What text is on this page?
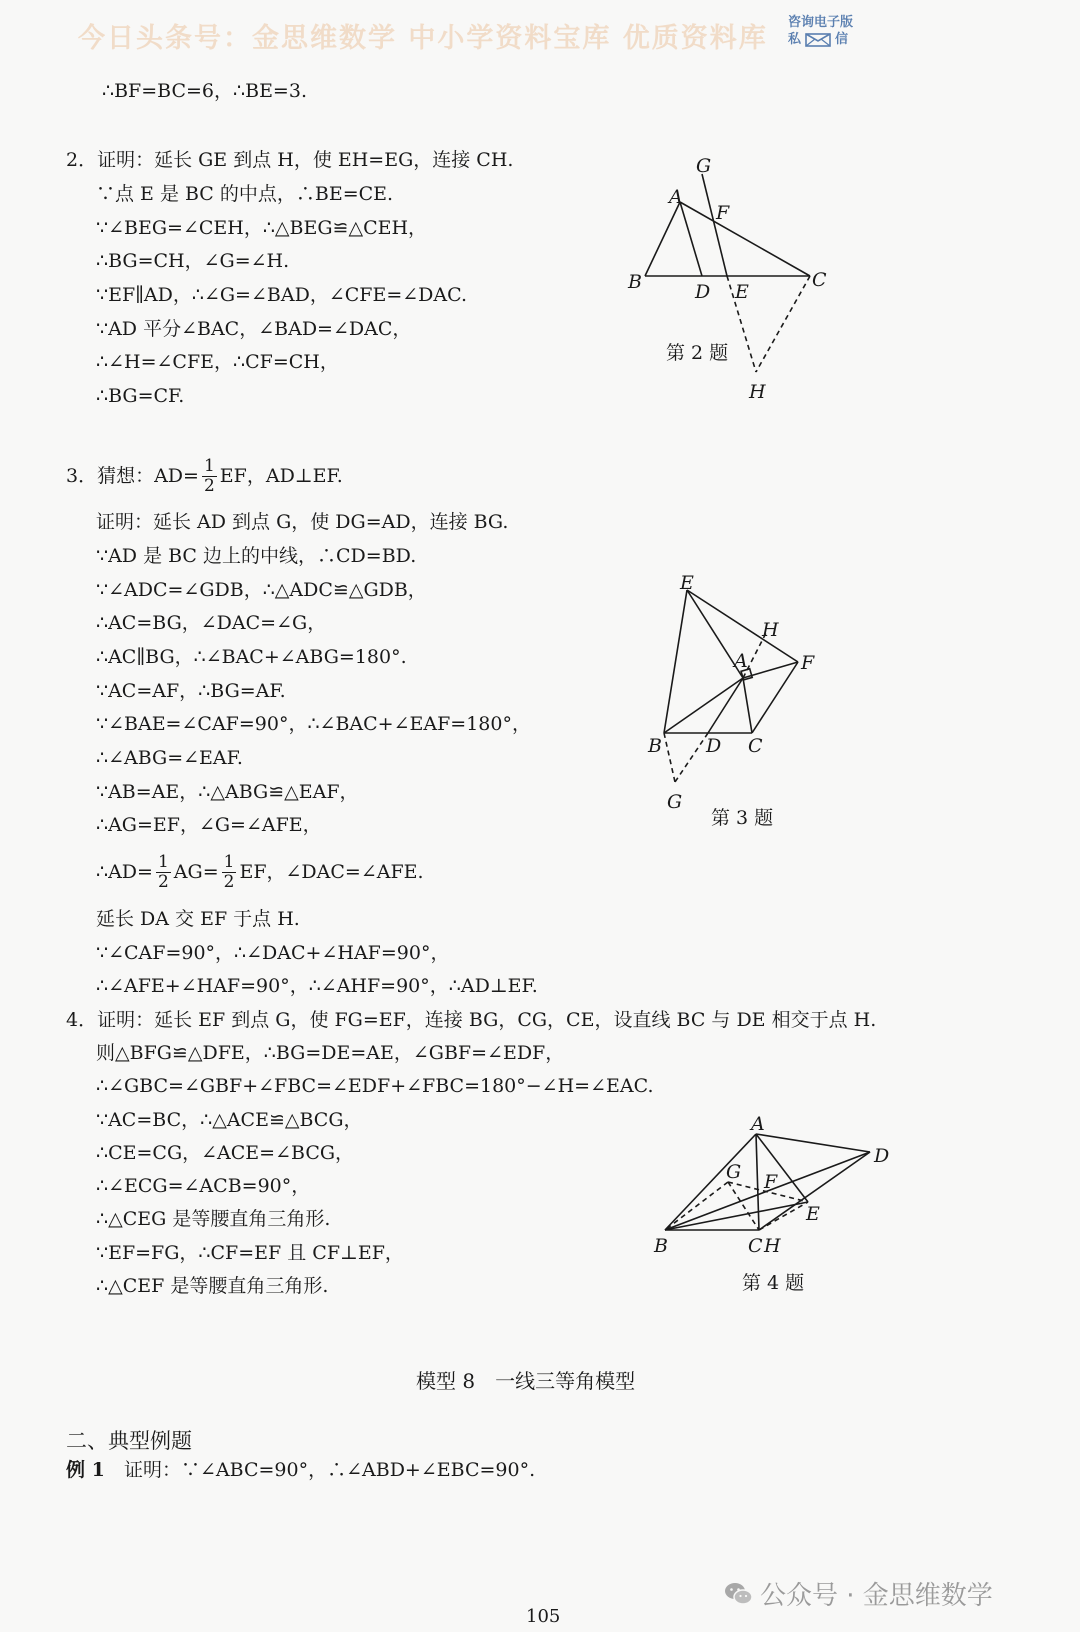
今日头条号：金思维数学 中小学资料宝库 优质资料库
咨询电子版
私	信
∴BF=BC=6，∴BE=3.
2．证明：延长 GE 到点 H，使 EH=EG，连接 CH.
∵点 E 是 BC 的中点，∴BE=CE.
∵∠BEG=∠CEH，∴△BEG≌△CEH，
∴BG=CH，∠G=∠H.
∵EF∥AD，∴∠G=∠BAD，∠CFE=∠DAC.
∵AD 平分∠BAC，∠BAD=∠DAC，
∴∠H=∠CFE，∴CF=CH，
∴BG=CF.
3．猜想：$AD= \frac{1}{2}$ EF，AD⊥EF.
证明：延长 AD 到点 G，使 DG=AD，连接 BG.
∵AD 是 BC 边上的中线，∴CD=BD.
∵∠ADC=∠GDB，∴△ADC≌△GDB，
∴AC=BG，∠DAC=∠G，
∴AC∥BG，∴∠BAC+∠ABG=180°.
∵AC=AF，∴BG=AF.
∵∠BAE=∠CAF=90°，∴∠BAC+∠EAF=180°，
∴∠ABG=∠EAF.
∵AB=AE，∴△ABG≌△EAF，
∴AG=EF，∠G=∠AFE，
∴AD= $\frac{1}{2} AG= \frac{1}{2}$ EF，∠DAC=∠AFE.
延长 DA 交 EF 于点 H.
∵∠CAF=90°，∴∠DAC+∠HAF=90°，
∴∠AFE+∠HAF=90°，∴∠AHF=90°，∴AD⊥EF.
4．证明：延长 EF 到点 G，使 FG=EF，连接 BG，CG，CE，设直线 BC 与 DE 相交于点 H.
则△BFG≌△DFE，∴BG=DE=AE，∠GBF=∠EDF，
∴∠GBC=∠GBF+∠FBC=∠EDF+∠FBC=180°−∠H=∠EAC.
∵AC=BC，∴△ACE≌△BCG，
∴CE=CG，∠ACE=∠BCG，
∴∠ECG=∠ACB=90°，
∴△CEG 是等腰直角三角形.
∵EF=FG，∴CF=EF 且 CF⊥EF，
∴△CEF 是等腰直角三角形.
G
A
F
B	D E
C
H
第 2 题
E
H
A	F
B D C
G
第 3 题
A
D
G F
E
B	C H
第 4 题
模型 8　一线三等角模型
二、典型例题
例 1 证明：∵∠ABC=90°，∴∠ABD+∠EBC=90°.
公众号 · 金思维数学
105
